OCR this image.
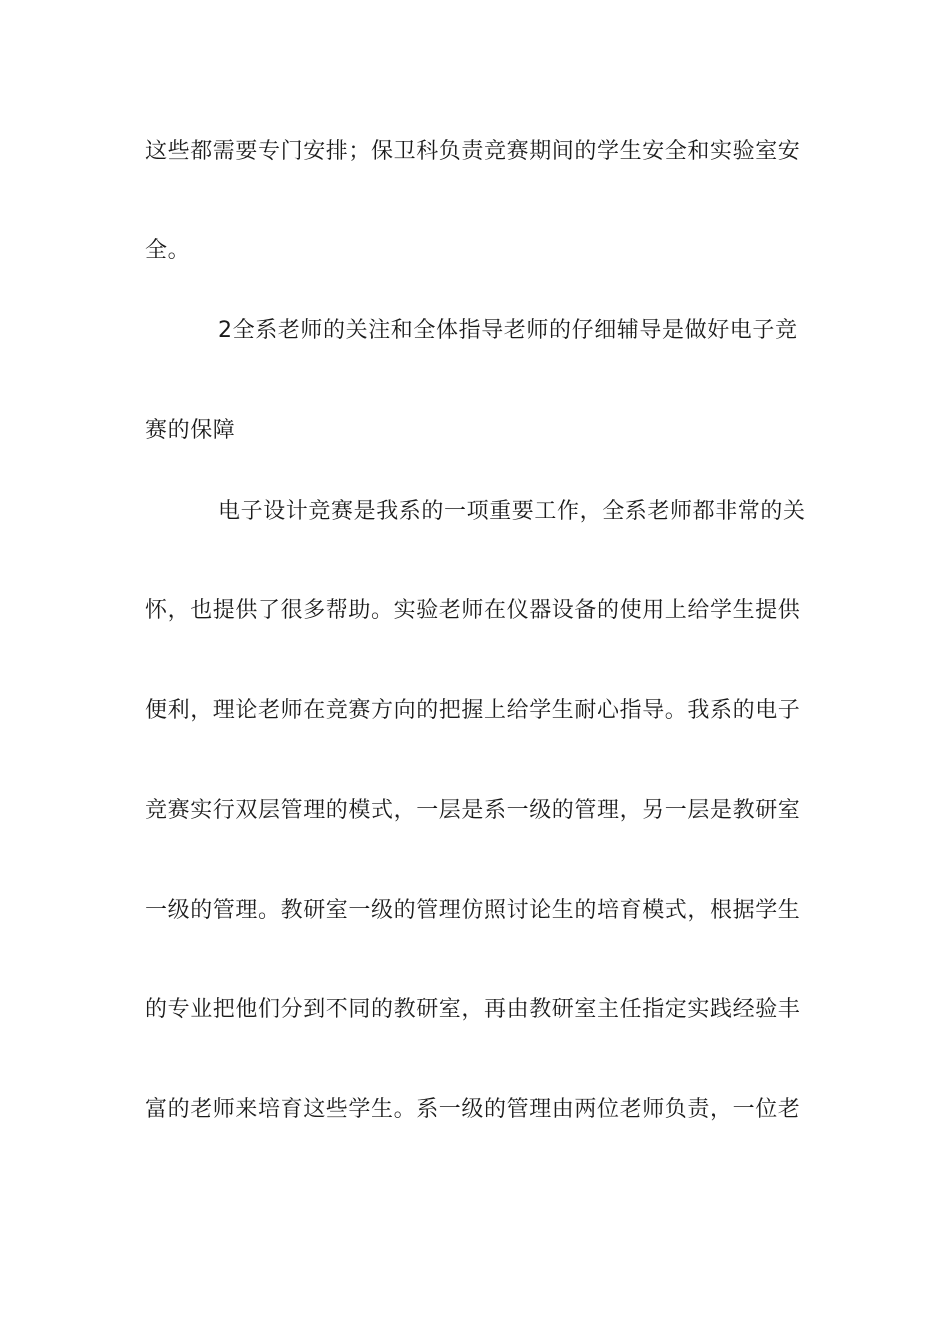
这些都需要专门安排；保卫科负责竞赛期间的学生安全和实验室安
全。
2全系老师的关注和全体指导老师的仔细辅导是做好电子竞
赛的保障
电子设计竞赛是我系的一项重要工作，全系老师都非常的关
怀，也提供了很多帮助。实验老师在仪器设备的使用上给学生提供
便利，理论老师在竞赛方向的把握上给学生耐心指导。我系的电子
竞赛实行双层管理的模式，一层是系一级的管理，另一层是教研室
一级的管理。教研室一级的管理仿照讨论生的培育模式，根据学生
的专业把他们分到不同的教研室，再由教研室主任指定实践经验丰
富的老师来培育这些学生。系一级的管理由两位老师负责，一位老
